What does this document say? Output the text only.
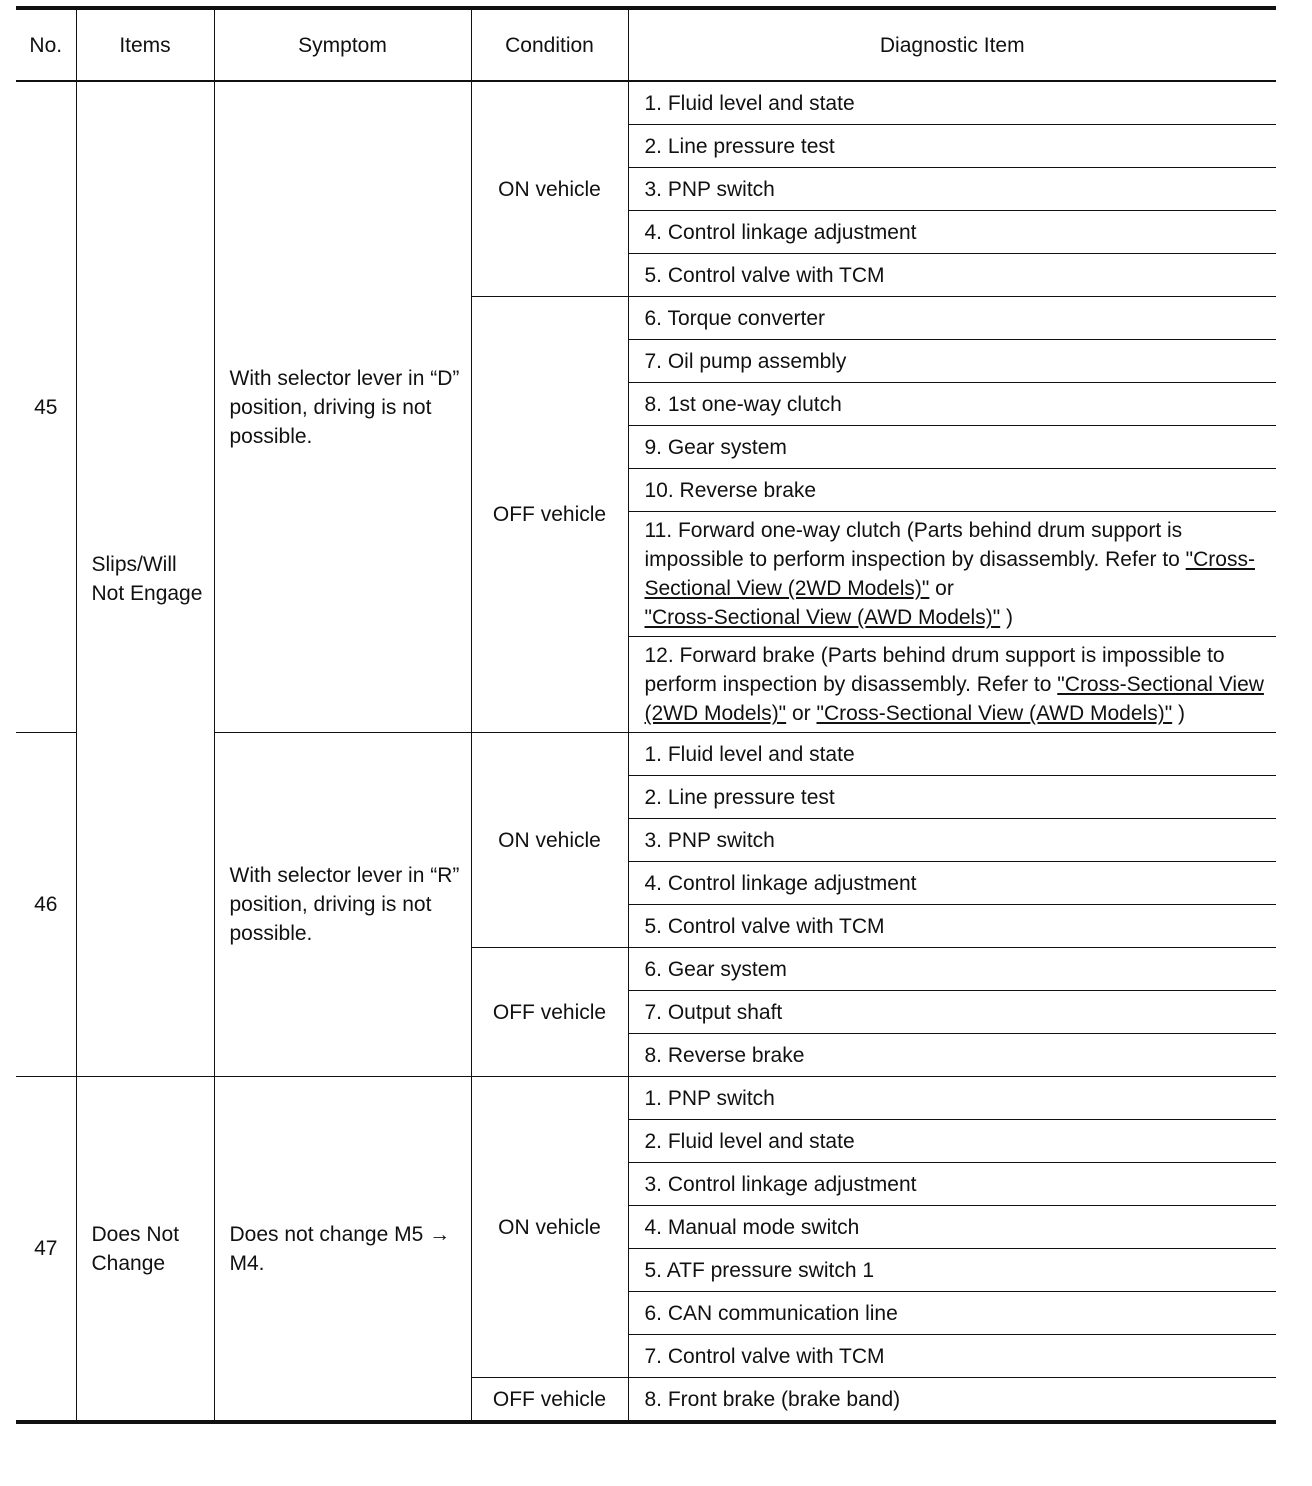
No.	Items	Symptom	Condition	Diagnostic Item
45	Slips/Will Not Engage	With selector lever in “D” position, driving is not possible.	ON vehicle	1. Fluid level and state
				2. Line pressure test
				3. PNP switch
				4. Control linkage adjustment
				5. Control valve with TCM
			OFF vehicle	6. Torque converter
				7. Oil pump assembly
				8. 1st one-way clutch
				9. Gear system
				10. Reverse brake
				11. Forward one-way clutch (Parts behind drum support is impossible to perform inspection by disassembly. Refer to "Cross-Sectional View (2WD Models)" or
"Cross-Sectional View (AWD Models)" )
				12. Forward brake (Parts behind drum support is impossible to perform inspection by disassembly. Refer to "Cross-Sectional View (2WD Models)" or "Cross-Sectional View (AWD Models)" )
46		With selector lever in “R” position, driving is not possible.	ON vehicle	1. Fluid level and state
				2. Line pressure test
				3. PNP switch
				4. Control linkage adjustment
				5. Control valve with TCM
			OFF vehicle	6. Gear system
				7. Output shaft
				8. Reverse brake
47	Does Not Change	Does not change M5 → M4.	ON vehicle	1. PNP switch
				2. Fluid level and state
				3. Control linkage adjustment
				4. Manual mode switch
				5. ATF pressure switch 1
				6. CAN communication line
				7. Control valve with TCM
			OFF vehicle	8. Front brake (brake band)
